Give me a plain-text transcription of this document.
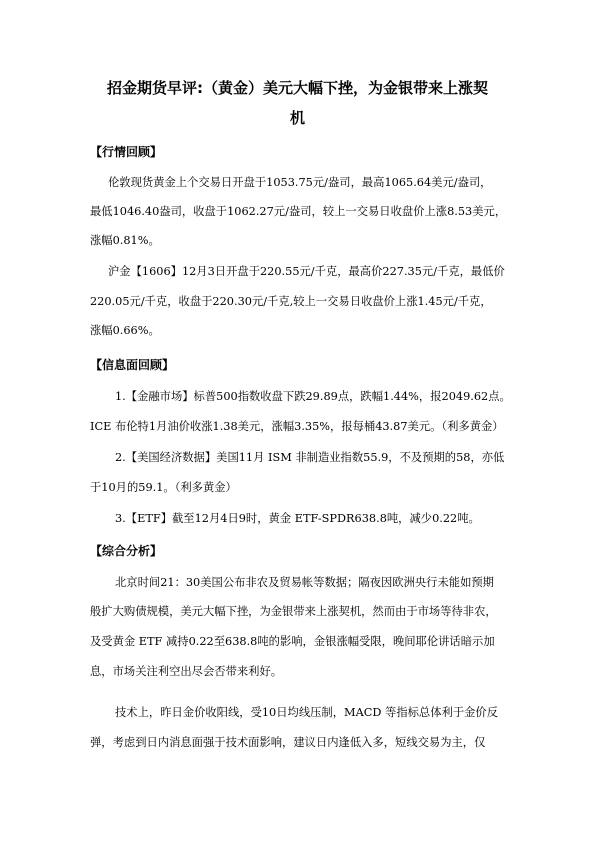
招金期货早评:（黄金）美元大幅下挫，为金银带来上涨契
机
【行情回顾】
伦敦现货黄金上个交易日开盘于1053.75元/盎司，最高1065.64美元/盎司，
最低1046.40盎司，收盘于1062.27元/盎司，较上一交易日收盘价上涨8.53美元，
涨幅0.81%。
沪金【1606】12月3日开盘于220.55元/千克，最高价227.35元/千克，最低价
220.05元/千克，收盘于220.30元/千克,较上一交易日收盘价上涨1.45元/千克，
涨幅0.66%。
【信息面回顾】
1.【金融市场】标普500指数收盘下跌29.89点，跌幅1.44%，报2049.62点。
ICE 布伦特1月油价收涨1.38美元，涨幅3.35%，报每桶43.87美元。（利多黄金）
2.【美国经济数据】美国11月 ISM 非制造业指数55.9，不及预期的58，亦低
于10月的59.1。（利多黄金）
3.【ETF】截至12月4日9时，黄金 ETF-SPDR638.8吨，减少0.22吨。
【综合分析】
北京时间21：30美国公布非农及贸易帐等数据；隔夜因欧洲央行未能如预期
般扩大购债规模，美元大幅下挫，为金银带来上涨契机，然而由于市场等待非农，
及受黄金 ETF 减持0.22至638.8吨的影响，金银涨幅受限，晚间耶伦讲话暗示加
息，市场关注利空出尽会否带来利好。
技术上，昨日金价收阳线，受10日均线压制，MACD 等指标总体利于金价反
弹，考虑到日内消息面强于技术面影响，建议日内逢低入多，短线交易为主，仅
